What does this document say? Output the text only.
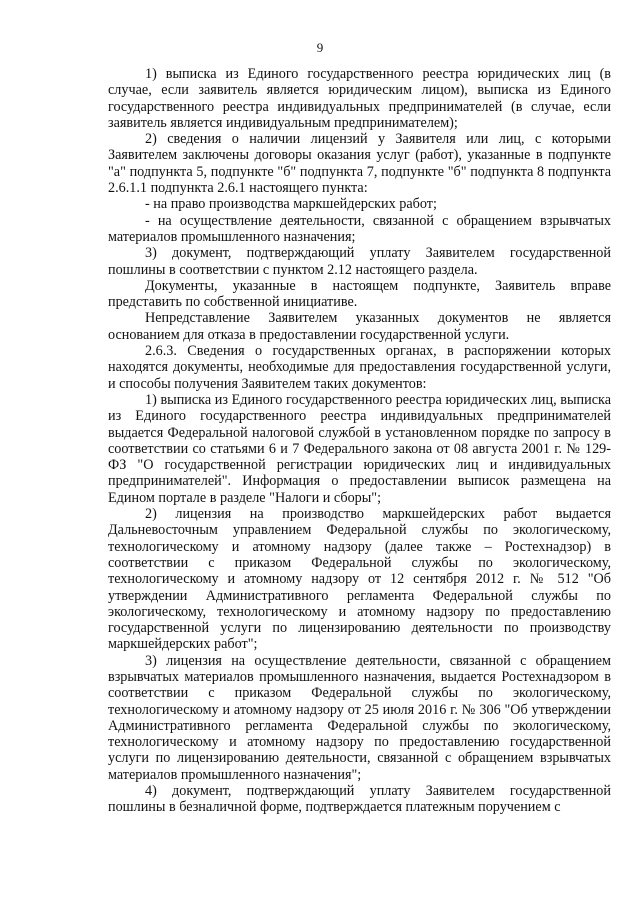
9

1) выписка из Единого государственного реестра юридических лиц (в случае, если заявитель является юридическим лицом), выписка из Единого государственного реестра индивидуальных предпринимателей (в случае, если заявитель является индивидуальным предпринимателем);

2) сведения о наличии лицензий у Заявителя или лиц, с которыми Заявителем заключены договоры оказания услуг (работ), указанные в подпункте "а" подпункта 5, подпункте "б" подпункта 7, подпункте "б" подпункта 8 подпункта 2.6.1.1 подпункта 2.6.1 настоящего пункта:

- на право производства маркшейдерских работ;

- на осуществление деятельности, связанной с обращением взрывчатых материалов промышленного назначения;

3) документ, подтверждающий уплату Заявителем государственной пошлины в соответствии с пунктом 2.12 настоящего раздела.

Документы, указанные в настоящем подпункте, Заявитель вправе представить по собственной инициативе.

Непредставление Заявителем указанных документов не является основанием для отказа в предоставлении государственной услуги.

2.6.3. Сведения о государственных органах, в распоряжении которых находятся документы, необходимые для предоставления государственной услуги, и способы получения Заявителем таких документов:

1) выписка из Единого государственного реестра юридических лиц, выписка из Единого государственного реестра индивидуальных предпринимателей выдается Федеральной налоговой службой в установленном порядке по запросу в соответствии со статьями 6 и 7 Федерального закона от 08 августа 2001 г. № 129-ФЗ "О государственной регистрации юридических лиц и индивидуальных предпринимателей". Информация о предоставлении выписок размещена на Едином портале в разделе "Налоги и сборы";

2) лицензия на производство маркшейдерских работ выдается Дальневосточным управлением Федеральной службы по экологическому, технологическому и атомному надзору (далее также – Ростехнадзор) в соответствии с приказом Федеральной службы по экологическому, технологическому и атомному надзору от 12 сентября 2012 г. № 512 "Об утверждении Административного регламента Федеральной службы по экологическому, технологическому и атомному надзору по предоставлению государственной услуги по лицензированию деятельности по производству маркшейдерских работ";

3) лицензия на осуществление деятельности, связанной с обращением взрывчатых материалов промышленного назначения, выдается Ростехнадзором в соответствии с приказом Федеральной службы по экологическому, технологическому и атомному надзору от 25 июля 2016 г. № 306 "Об утверждении Административного регламента Федеральной службы по экологическому, технологическому и атомному надзору по предоставлению государственной услуги по лицензированию деятельности, связанной с обращением взрывчатых материалов промышленного назначения";

4) документ, подтверждающий уплату Заявителем государственной пошлины в безналичной форме, подтверждается платежным поручением с
